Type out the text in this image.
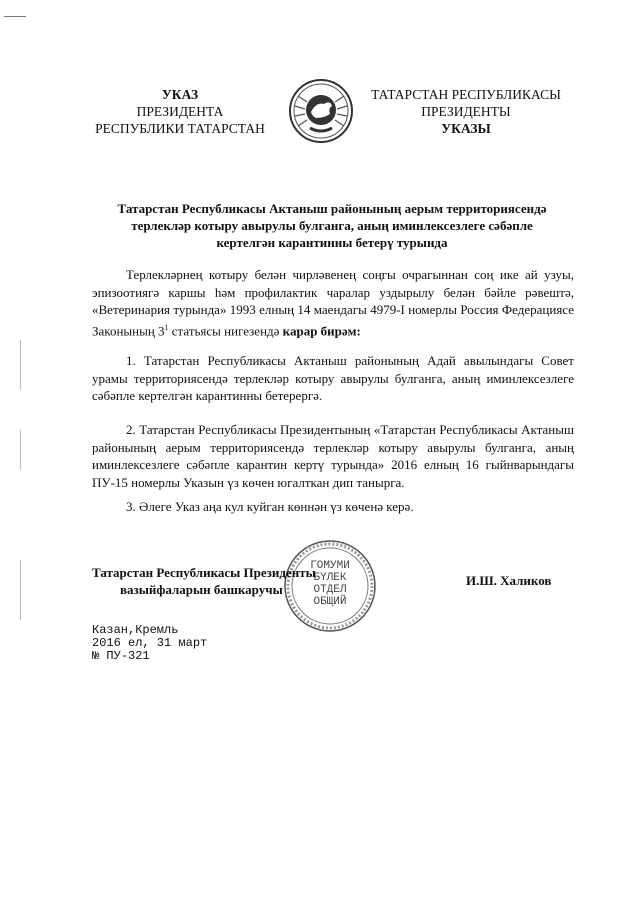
УКАЗ
ПРЕЗИДЕНТА
РЕСПУБЛИКИ ТАТАРСТАН
ТАТАРСТАН РЕСПУБЛИКАСЫ
ПРЕЗИДЕНТЫ
УКАЗЫ
Татарстан Республикасы Актаныш районының аерым территориясендә
терлекләр котыру авырулы булганга, аның иминлексезлеге сәбәпле
кертелгән карантинны бетерү турында
Терлекләрнең котыру белән чирләвенең соңгы очрагыннан соң ике ай узуы, эпизоотиягә каршы һәм профилактик чаралар уздырылу белән бәйле рәвештә, «Ветеринария турында» 1993 елның 14 маендагы 4979-I номерлы Россия Федерациясе Законының $3^1$ статьясы нигезендә карар бирәм:
1. Татарстан Республикасы Актаныш районының Адай авылындагы Совет урамы территориясендә терлекләр котыру авырулы булганга, аның иминлексезлеге сәбәпле кертелгән карантинны бетерергә.
2. Татарстан Республикасы Президентының «Татарстан Республикасы Актаныш районының аерым территориясендә терлекләр котыру авырулы булганга, аның иминлексезлеге сәбәпле карантин кертү турында» 2016 елның 16 гыйнварындагы ПУ-15 номерлы Указын үз көчен югалткан дип танырга.
3. Әлеге Указ аңа кул куйган көннән үз көченә керә.
ГОМУМИ
БҮЛЕК
ОТДЕЛ
ОБЩИЙ
Татарстан Республикасы Президенты
вазыйфаларын башкаручы
И.Ш. Халиков
Казан,Кремль
2016 ел, 31 март
№ ПУ-321
